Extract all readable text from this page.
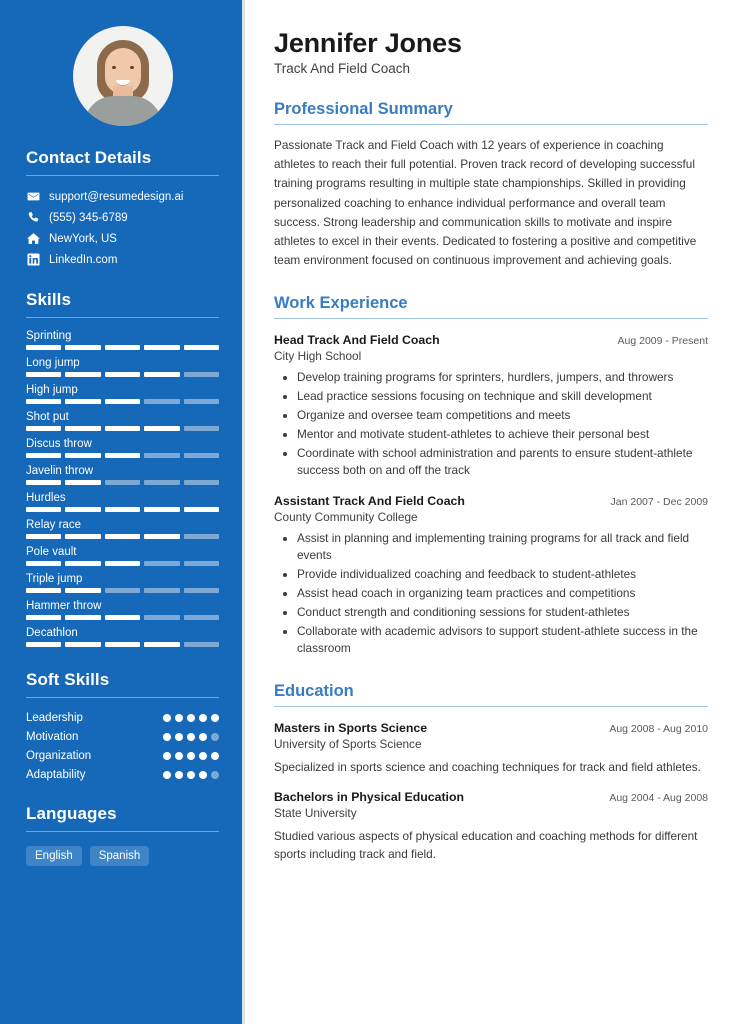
Contact Details
support@resumedesign.ai
(555) 345-6789
NewYork, US
LinkedIn.com
Skills
Sprinting
Long jump
High jump
Shot put
Discus throw
Javelin throw
Hurdles
Relay race
Pole vault
Triple jump
Hammer throw
Decathlon
Soft Skills
Leadership
Motivation
Organization
Adaptability
Languages
English	Spanish
Jennifer Jones
Track And Field Coach
Professional Summary

Passionate Track and Field Coach with 12 years of experience in coaching athletes to reach their full potential. Proven track record of developing successful training programs resulting in multiple state championships. Skilled in providing personalized coaching to enhance individual performance and overall team success. Strong leadership and communication skills to motivate and inspire athletes to excel in their events. Dedicated to fostering a positive and competitive team environment focused on continuous improvement and achieving goals.

Work Experience
Head Track And Field Coach	Aug 2009 - Present
City High School
• Develop training programs for sprinters, hurdlers, jumpers, and throwers
• Lead practice sessions focusing on technique and skill development
• Organize and oversee team competitions and meets
• Mentor and motivate student-athletes to achieve their personal best
• Coordinate with school administration and parents to ensure student-athlete success both on and off the track
Assistant Track And Field Coach	Jan 2007 - Dec 2009
County Community College
• Assist in planning and implementing training programs for all track and field events
• Provide individualized coaching and feedback to student-athletes
• Assist head coach in organizing team practices and competitions
• Conduct strength and conditioning sessions for student-athletes
• Collaborate with academic advisors to support student-athlete success in the classroom
Education
Masters in Sports Science	Aug 2008 - Aug 2010
University of Sports Science
Specialized in sports science and coaching techniques for track and field athletes.
Bachelors in Physical Education	Aug 2004 - Aug 2008
State University
Studied various aspects of physical education and coaching methods for different sports including track and field.
